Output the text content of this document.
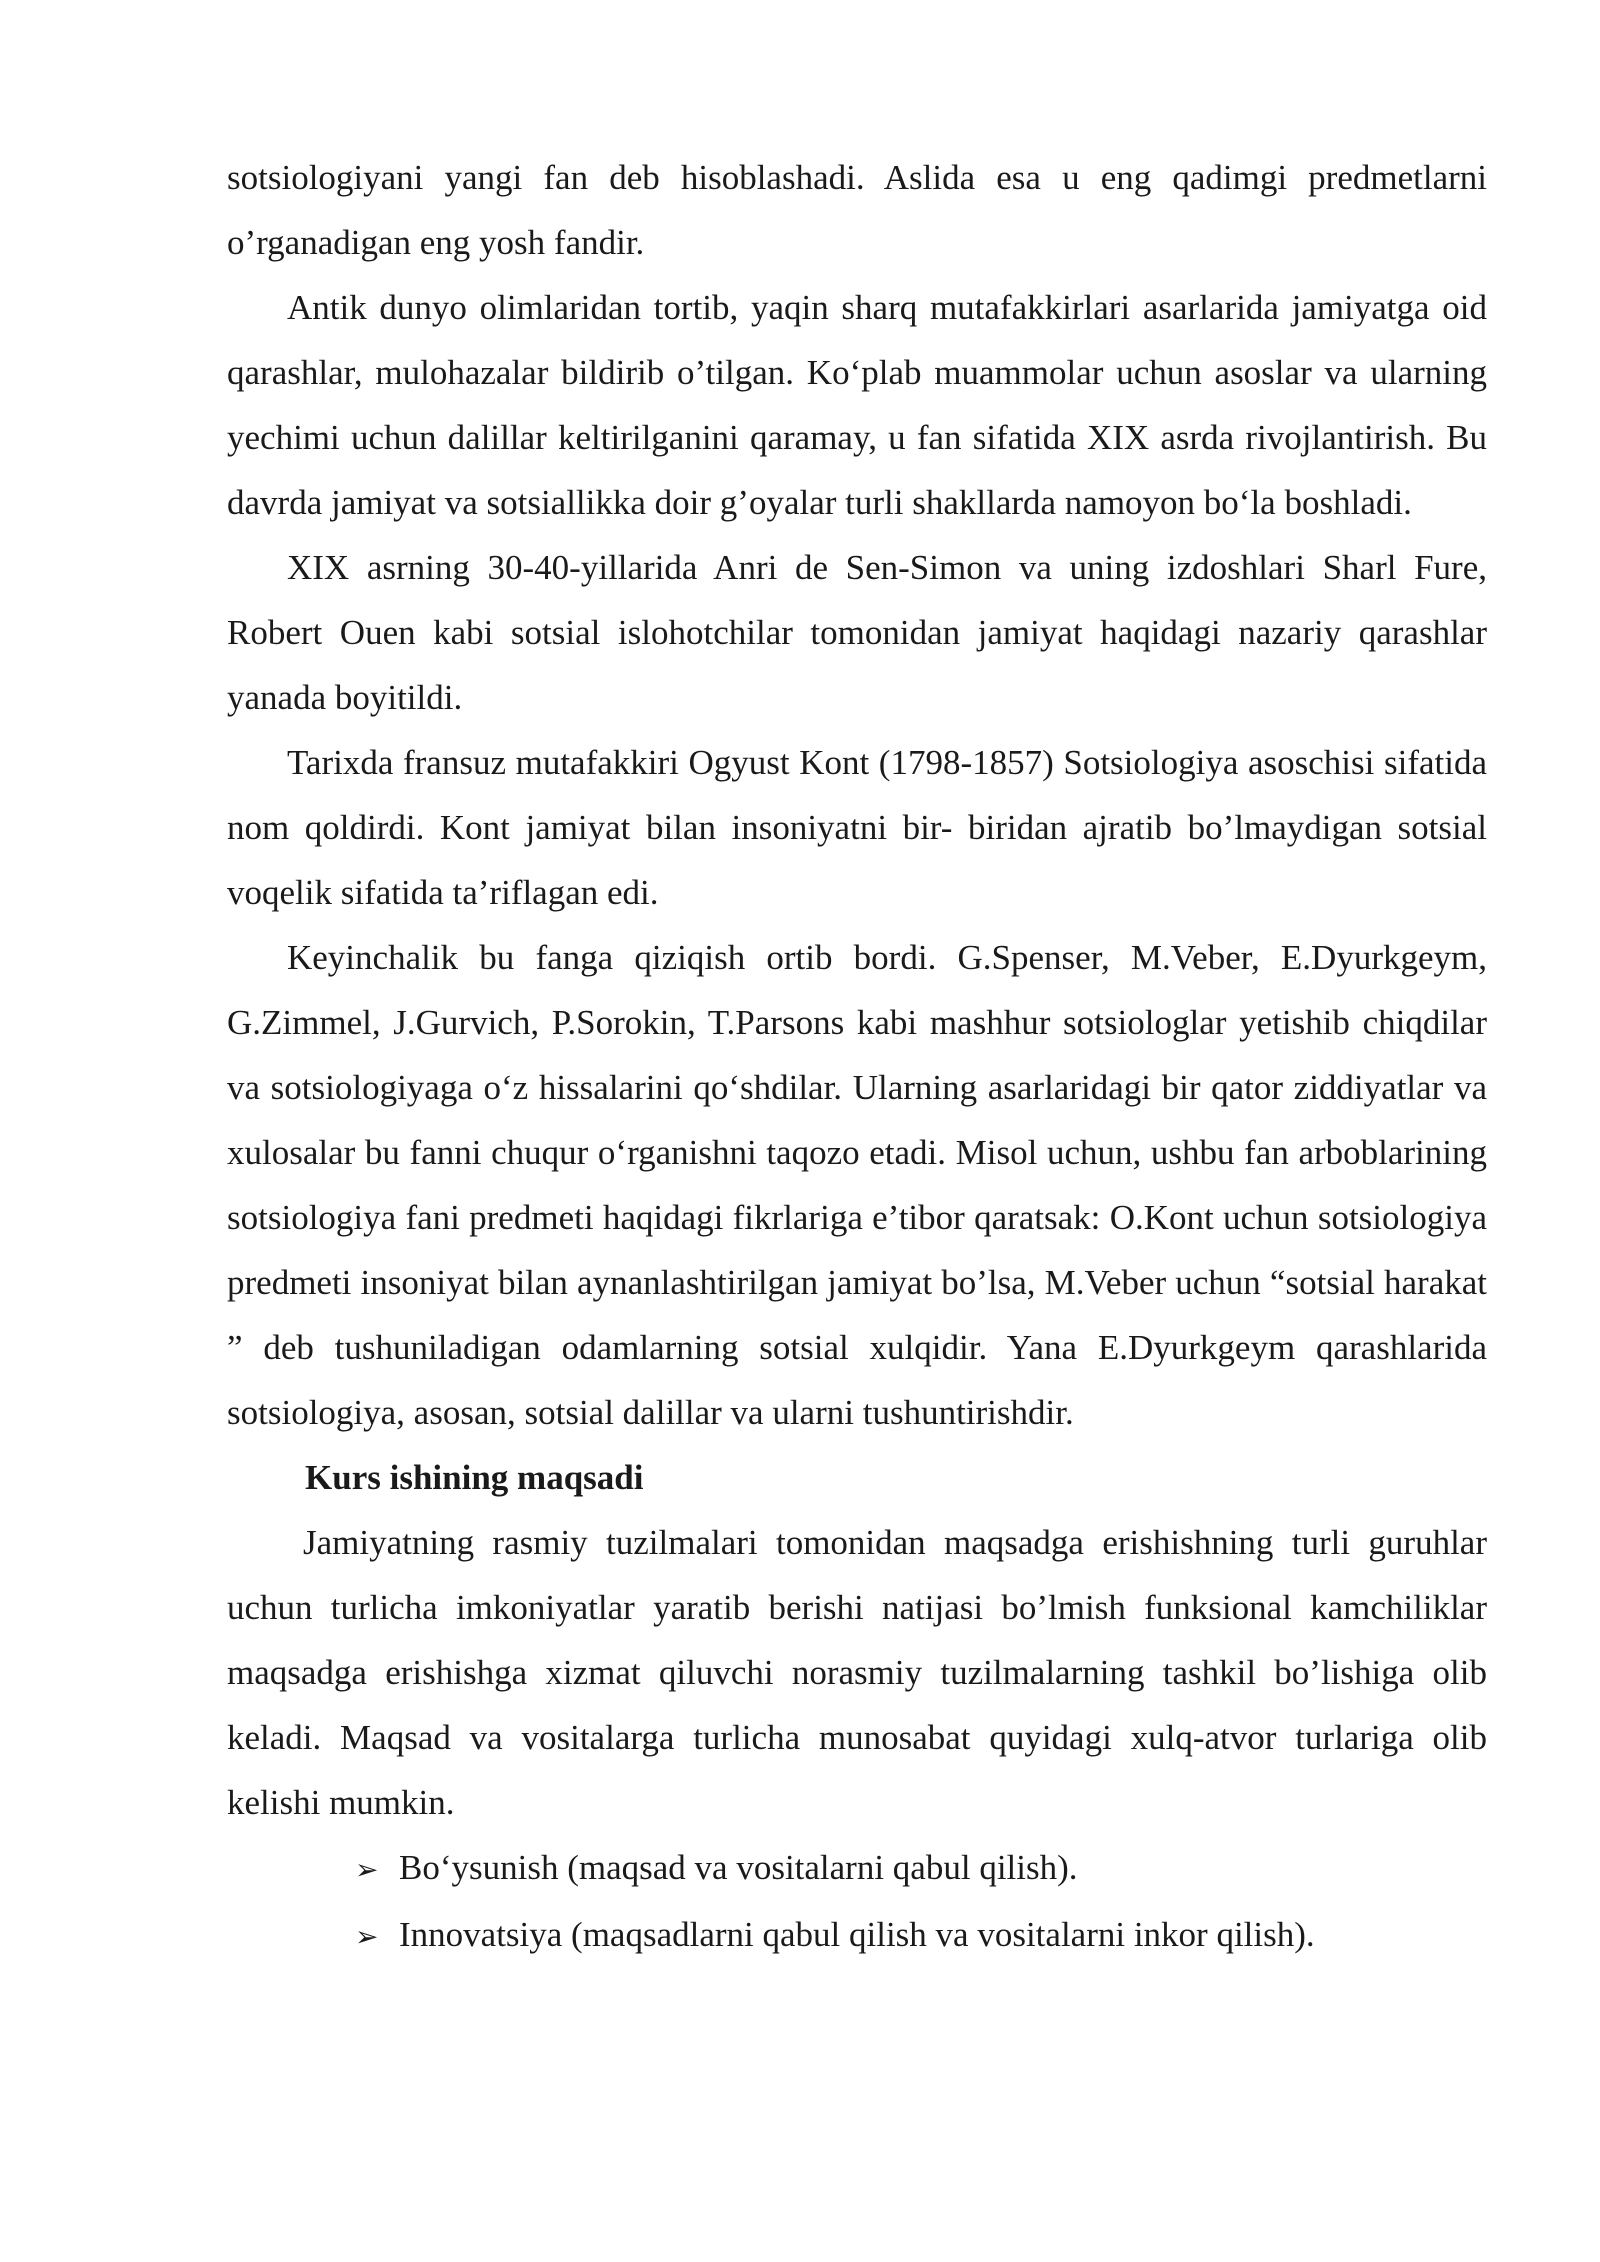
sotsiologiyani yangi fan deb hisoblashadi. Aslida esa u eng qadimgi predmetlarni o’rganadigan eng yosh fandir.

Antik dunyo olimlaridan tortib, yaqin sharq mutafakkirlari asarlarida jamiyatga oid qarashlar, mulohazalar bildirib o’tilgan. Ko‘plab muammolar uchun asoslar va ularning yechimi uchun dalillar keltirilganini qaramay, u fan sifatida XIX asrda rivojlantirish. Bu davrda jamiyat va sotsiallikka doir g’oyalar turli shakllarda namoyon bo‘la boshladi.

XIX asrning 30-40-yillarida Anri de Sen-Simon va uning izdoshlari Sharl Fure, Robert Ouen kabi sotsial islohotchilar tomonidan jamiyat haqidagi nazariy qarashlar yanada boyitildi.

Tarixda fransuz mutafakkiri Ogyust Kont (1798-1857) Sotsiologiya asoschisi sifatida nom qoldirdi. Kont jamiyat bilan insoniyatni bir- biridan ajratib bo’lmaydigan sotsial voqelik sifatida ta’riflagan edi.

Keyinchalik bu fanga qiziqish ortib bordi. G.Spenser, M.Veber, E.Dyurkgeym, G.Zimmel, J.Gurvich, P.Sorokin, T.Parsons kabi mashhur sotsiologlar yetishib chiqdilar va sotsiologiyaga o‘z hissalarini qo‘shdilar. Ularning asarlaridagi bir qator ziddiyatlar va xulosalar bu fanni chuqur o‘rganishni taqozo etadi. Misol uchun, ushbu fan arboblarining sotsiologiya fani predmeti haqidagi fikrlariga e’tibor qaratsak: O.Kont uchun sotsiologiya predmeti insoniyat bilan aynanlashtirilgan jamiyat bo’lsa, M.Veber uchun “sotsial harakat ” deb tushuniladigan odamlarning sotsial xulqidir. Yana E.Dyurkgeym qarashlarida sotsiologiya, asosan, sotsial dalillar va ularni tushuntirishdir.

Kurs ishining maqsadi

Jamiyatning rasmiy tuzilmalari tomonidan maqsadga erishishning turli guruhlar uchun turlicha imkoniyatlar yaratib berishi natijasi bo’lmish funksional kamchiliklar maqsadga erishishga xizmat qiluvchi norasmiy tuzilmalarning tashkil bo’lishiga olib keladi. Maqsad va vositalarga turlicha munosabat quyidagi xulq-atvor turlariga olib kelishi mumkin.

➢ Bo‘ysunish (maqsad va vositalarni qabul qilish).
➢ Innovatsiya (maqsadlarni qabul qilish va vositalarni inkor qilish).
